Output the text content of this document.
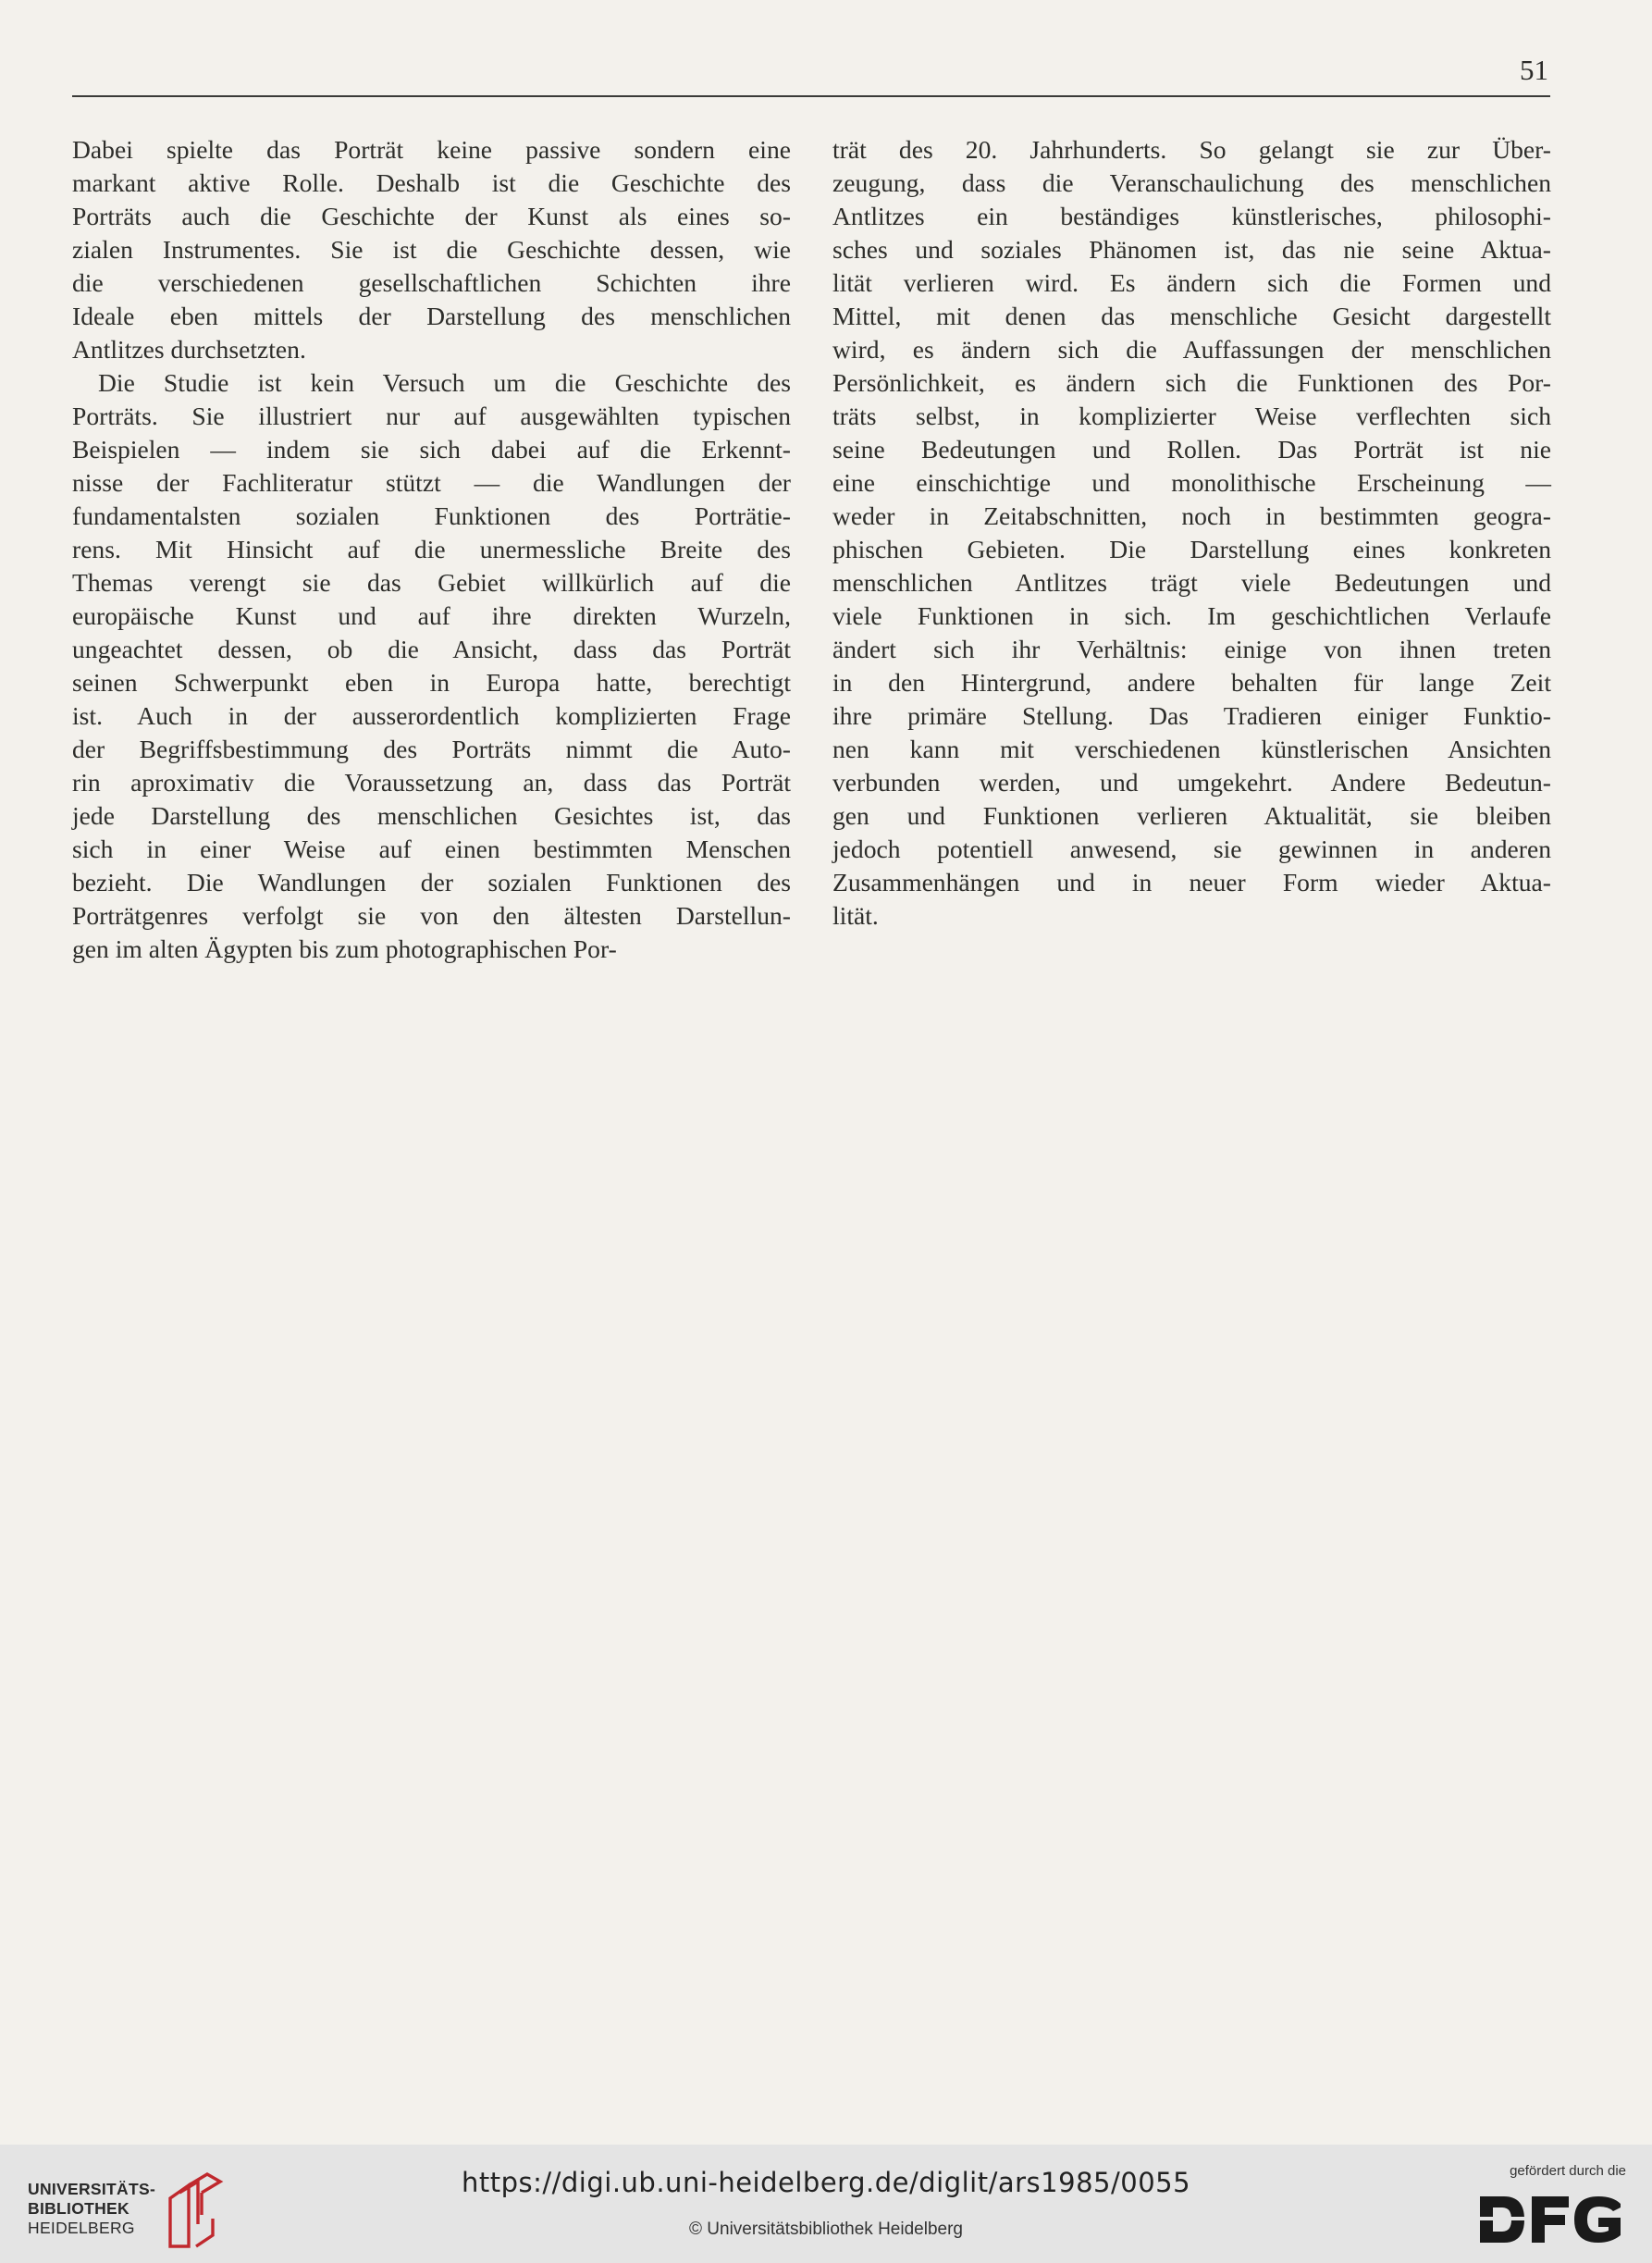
51

Dabei spielte das Porträt keine passive sondern eine
markant aktive Rolle. Deshalb ist die Geschichte des
Porträts auch die Geschichte der Kunst als eines so-
zialen Instrumentes. Sie ist die Geschichte dessen, wie
die verschiedenen gesellschaftlichen Schichten ihre
Ideale eben mittels der Darstellung des menschlichen
Antlitzes durchsetzten.

Die Studie ist kein Versuch um die Geschichte des
Porträts. Sie illustriert nur auf ausgewählten typischen
Beispielen — indem sie sich dabei auf die Erkennt-
nisse der Fachliteratur stützt — die Wandlungen der
fundamentalsten sozialen Funktionen des Porträtie-
rens. Mit Hinsicht auf die unermessliche Breite des
Themas verengt sie das Gebiet willkürlich auf die
europäische Kunst und auf ihre direkten Wurzeln,
ungeachtet dessen, ob die Ansicht, dass das Porträt
seinen Schwerpunkt eben in Europa hatte, berechtigt
ist. Auch in der ausserordentlich komplizierten Frage
der Begriffsbestimmung des Porträts nimmt die Auto-
rin aproximativ die Voraussetzung an, dass das Porträt
jede Darstellung des menschlichen Gesichtes ist, das
sich in einer Weise auf einen bestimmten Menschen
bezieht. Die Wandlungen der sozialen Funktionen des
Porträtgenres verfolgt sie von den ältesten Darstellun-
gen im alten Ägypten bis zum photographischen Por-

trät des 20. Jahrhunderts. So gelangt sie zur Über-
zeugung, dass die Veranschaulichung des menschlichen
Antlitzes ein beständiges künstlerisches, philosophi-
sches und soziales Phänomen ist, das nie seine Aktua-
lität verlieren wird. Es ändern sich die Formen und
Mittel, mit denen das menschliche Gesicht dargestellt
wird, es ändern sich die Auffassungen der menschlichen
Persönlichkeit, es ändern sich die Funktionen des Por-
träts selbst, in komplizierter Weise verflechten sich
seine Bedeutungen und Rollen. Das Porträt ist nie
eine einschichtige und monolithische Erscheinung —
weder in Zeitabschnitten, noch in bestimmten geogra-
phischen Gebieten. Die Darstellung eines konkreten
menschlichen Antlitzes trägt viele Bedeutungen und
viele Funktionen in sich. Im geschichtlichen Verlaufe
ändert sich ihr Verhältnis: einige von ihnen treten
in den Hintergrund, andere behalten für lange Zeit
ihre primäre Stellung. Das Tradieren einiger Funktio-
nen kann mit verschiedenen künstlerischen Ansichten
verbunden werden, und umgekehrt. Andere Bedeutun-
gen und Funktionen verlieren Aktualität, sie bleiben
jedoch potentiell anwesend, sie gewinnen in anderen
Zusammenhängen und in neuer Form wieder Aktua-
lität.

UNIVERSITÄTS-
BIBLIOTHEK
HEIDELBERG
https://digi.ub.uni-heidelberg.de/diglit/ars1985/0055
© Universitätsbibliothek Heidelberg
gefördert durch die
